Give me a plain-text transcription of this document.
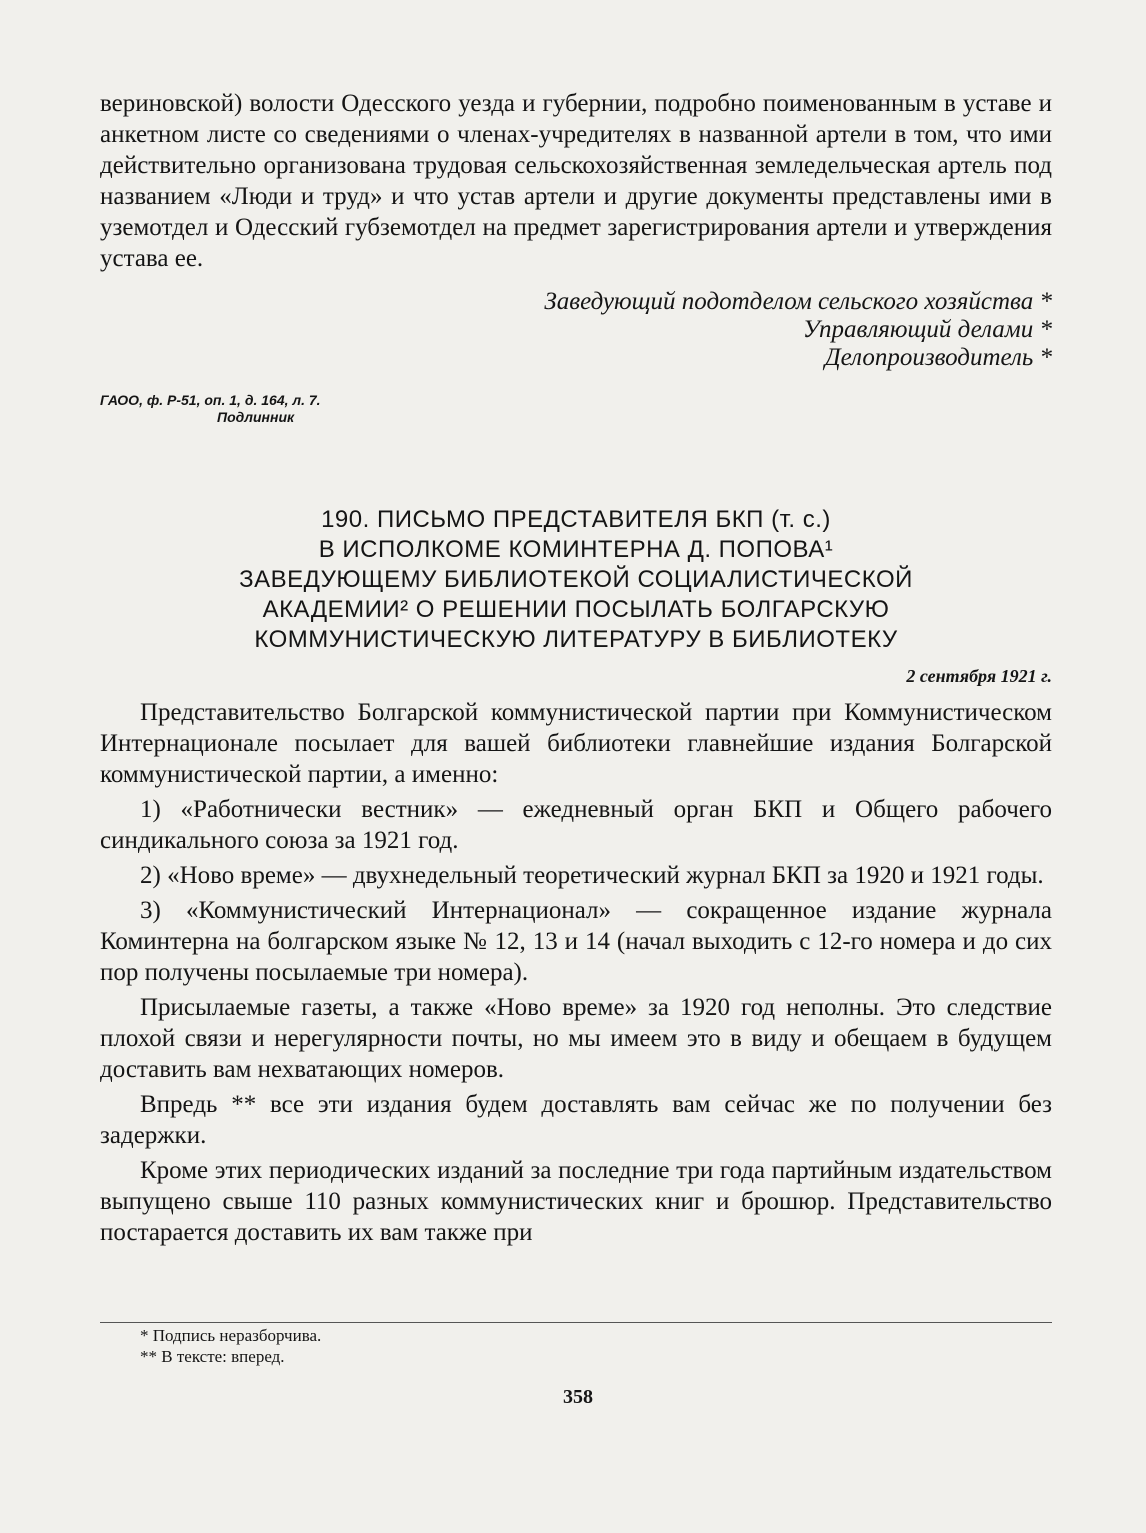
вериновской) волости Одесского уезда и губернии, подробно поименованным в уставе и анкетном листе со сведениями о членах-учредителях в названной артели в том, что ими действительно организована трудовая сельскохозяйственная земледельческая артель под названием «Люди и труд» и что устав артели и другие документы представлены ими в уземотдел и Одесский губземотдел на предмет зарегистрирования артели и утверждения устава ее.

Заведующий подотделом сельского хозяйства *
Управляющий делами *
Делопроизводитель *
ГАОО, ф. Р-51, оп. 1, д. 164, л. 7.
Подлинник
190. ПИСЬМО ПРЕДСТАВИТЕЛЯ БКП (т. с.)
В ИСПОЛКОМЕ КОМИНТЕРНА Д. ПОПОВА¹
ЗАВЕДУЮЩЕМУ БИБЛИОТЕКОЙ СОЦИАЛИСТИЧЕСКОЙ
АКАДЕМИИ² О РЕШЕНИИ ПОСЫЛАТЬ БОЛГАРСКУЮ
КОММУНИСТИЧЕСКУЮ ЛИТЕРАТУРУ В БИБЛИОТЕКУ
2 сентября 1921 г.

Представительство Болгарской коммунистической партии при Коммунистическом Интернационале посылает для вашей библиотеки главнейшие издания Болгарской коммунистической партии, а именно:

1) «Работнически вестник» — ежедневный орган БКП и Общего рабочего синдикального союза за 1921 год.

2) «Ново време» — двухнедельный теоретический журнал БКП за 1920 и 1921 годы.

3) «Коммунистический Интернационал» — сокращенное издание журнала Коминтерна на болгарском языке № 12, 13 и 14 (начал выходить с 12-го номера и до сих пор получены посылаемые три номера).

Присылаемые газеты, а также «Ново време» за 1920 год неполны. Это следствие плохой связи и нерегулярности почты, но мы имеем это в виду и обещаем в будущем доставить вам нехватающих номеров.

Впредь ** все эти издания будем доставлять вам сейчас же по получении без задержки.

Кроме этих периодических изданий за последние три года партийным издательством выпущено свыше 110 разных коммунистических книг и брошюр. Представительство постарается доставить их вам также при

* Подпись неразборчива.
** В тексте: вперед.
358
